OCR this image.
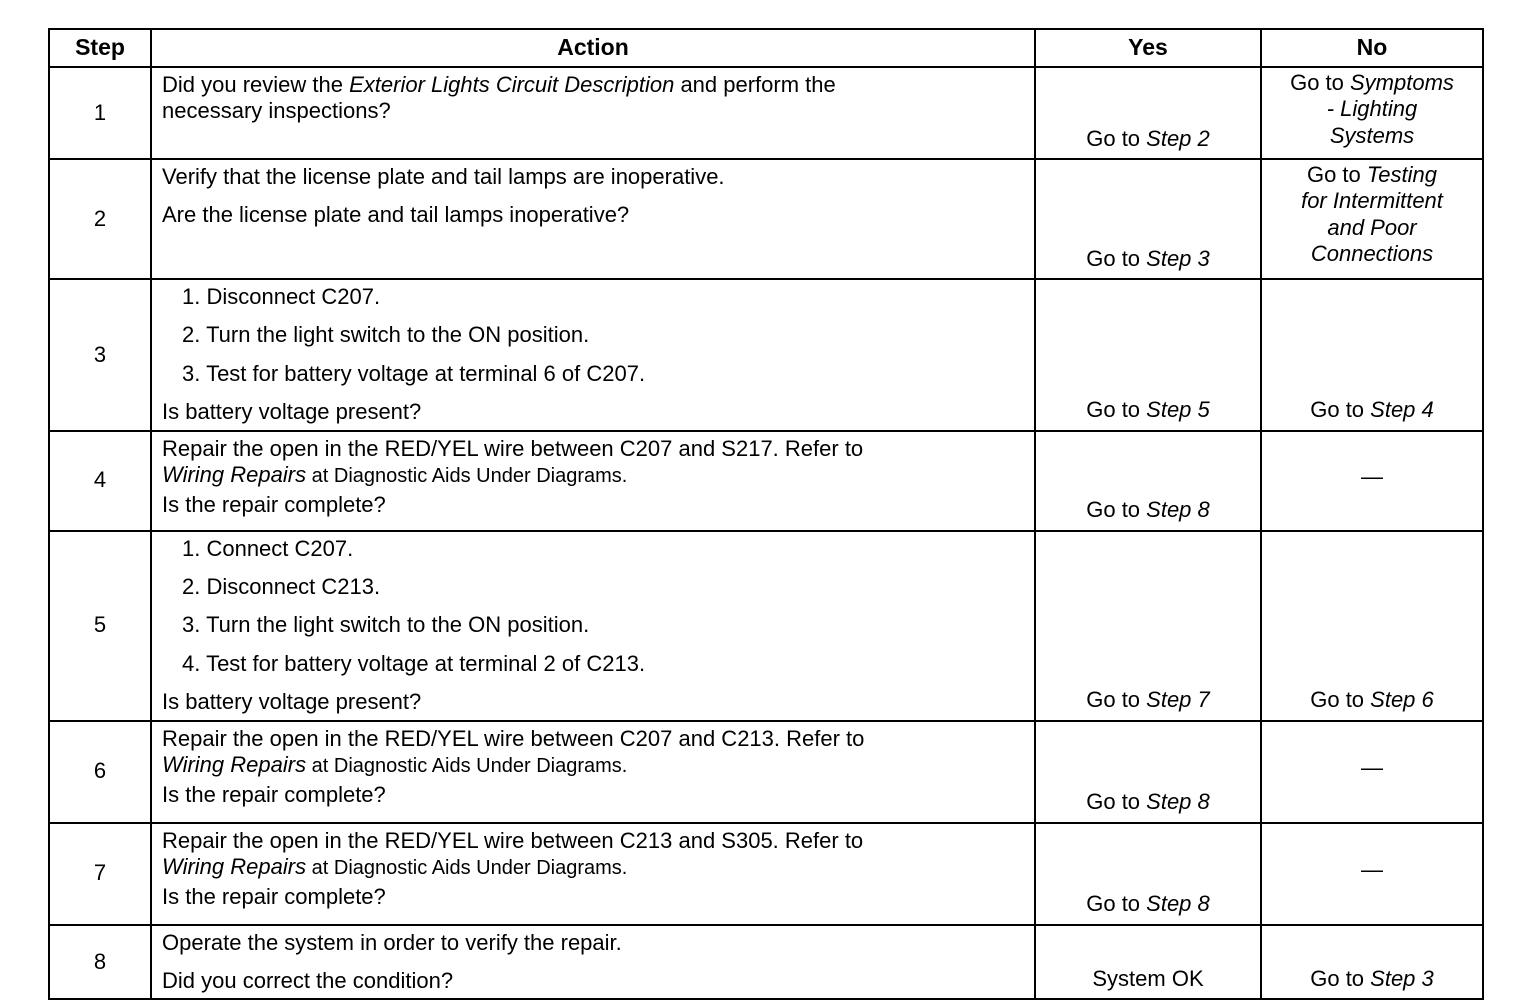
Step	Action	Yes	No
1	Did you review the Exterior Lights Circuit Description and perform the
necessary inspections?	Go to Step 2	Go to Symptoms
- Lighting
Systems
2	Verify that the license plate and tail lamps are inoperative.
Are the license plate and tail lamps inoperative?	Go to Step 3	Go to Testing
for Intermittent
and Poor
Connections
3	1. Disconnect C207.
2. Turn the light switch to the ON position.
3. Test for battery voltage at terminal 6 of C207.
Is battery voltage present?	Go to Step 5	Go to Step 4
4	Repair the open in the RED/YEL wire between C207 and S217. Refer to
Wiring Repairs at Diagnostic Aids Under Diagrams.
Is the repair complete?	Go to Step 8	—
5	1. Connect C207.
2. Disconnect C213.
3. Turn the light switch to the ON position.
4. Test for battery voltage at terminal 2 of C213.
Is battery voltage present?	Go to Step 7	Go to Step 6
6	Repair the open in the RED/YEL wire between C207 and C213. Refer to
Wiring Repairs at Diagnostic Aids Under Diagrams.
Is the repair complete?	Go to Step 8	—
7	Repair the open in the RED/YEL wire between C213 and S305. Refer to
Wiring Repairs at Diagnostic Aids Under Diagrams.
Is the repair complete?	Go to Step 8	—
8	Operate the system in order to verify the repair.
Did you correct the condition?	System OK	Go to Step 3
